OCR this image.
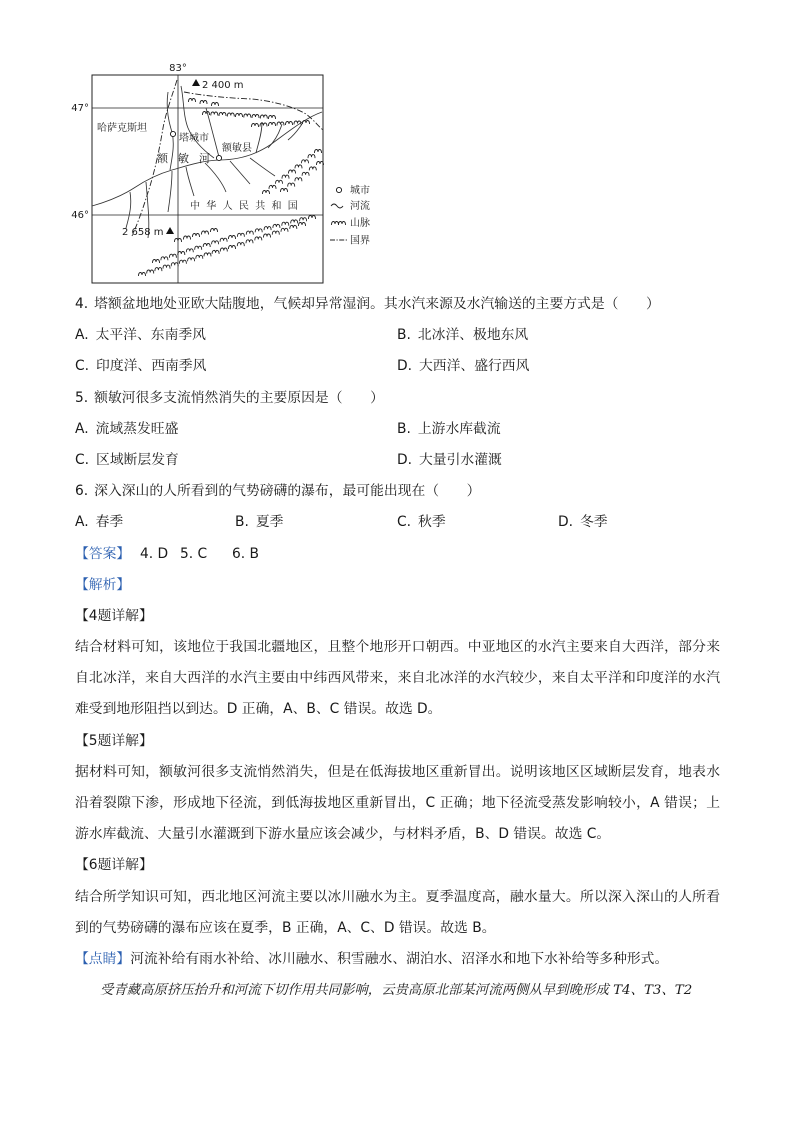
83°
2 400 m
47°
46°
哈萨克斯坦
塔城市
额敏县
额敏河
中华人民共和国
2 658 m
城市
河流
山脉
国界
4. 塔额盆地地处亚欧大陆腹地，气候却异常湿润。其水汽来源及水汽输送的主要方式是（　　）
A. 太平洋、东南季风	B. 北冰洋、极地东风
C. 印度洋、西南季风	D. 大西洋、盛行西风
5. 额敏河很多支流悄然消失的主要原因是（　　）
A. 流域蒸发旺盛	B. 上游水库截流
C. 区域断层发育	D. 大量引水灌溉
6. 深入深山的人所看到的气势磅礴的瀑布，最可能出现在（　　）
A. 春季	B. 夏季	C. 秋季	D. 冬季
【答案】 4. D 5. C 6. B
【解析】
【4题详解】
结合材料可知，该地位于我国北疆地区，且整个地形开口朝西。中亚地区的水汽主要来自大西洋，部分来
自北冰洋，来自大西洋的水汽主要由中纬西风带来，来自北冰洋的水汽较少，来自太平洋和印度洋的水汽
难受到地形阻挡以到达。D 正确，A、B、C 错误。故选 D。
【5题详解】
据材料可知，额敏河很多支流悄然消失，但是在低海拔地区重新冒出。说明该地区区域断层发育，地表水
沿着裂隙下渗，形成地下径流，到低海拔地区重新冒出，C 正确；地下径流受蒸发影响较小，A 错误；上
游水库截流、大量引水灌溉到下游水量应该会减少，与材料矛盾，B、D 错误。故选 C。
【6题详解】
结合所学知识可知，西北地区河流主要以冰川融水为主。夏季温度高，融水量大。所以深入深山的人所看
到的气势磅礴的瀑布应该在夏季，B 正确，A、C、D 错误。故选 B。
【点睛】河流补给有雨水补给、冰川融水、积雪融水、湖泊水、沼泽水和地下水补给等多种形式。
受青藏高原挤压抬升和河流下切作用共同影响，云贵高原北部某河流两侧从早到晚形成 T4、T3、T2
